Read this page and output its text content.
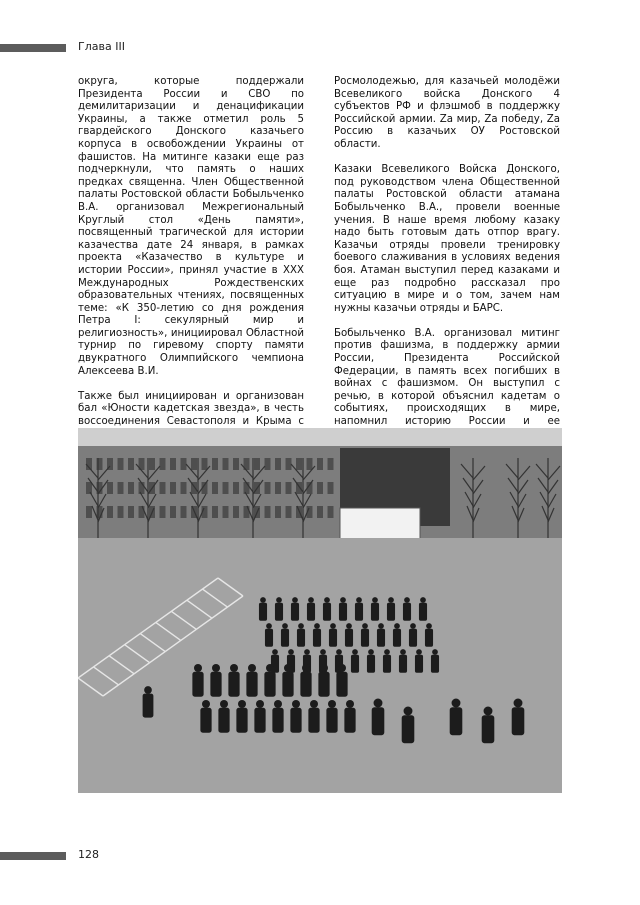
Глава III

округа, которые поддержали Президента России и СВО по демилитаризации и денацификации Украины, а также отметил роль 5 гвардейского Донского казачьего корпуса в освобождении Украины от фашистов. На митинге казаки еще раз подчеркнули, что память о наших предках священна. Член Общественной палаты Ростовской области Бобыльченко В.А. организовал Межрегиональный Круглый стол «День памяти», посвященный трагической для истории казачества дате 24 января, в рамках проекта «Казачество в культуре и истории России», принял участие в XXX Международных Рождественских образовательных чтениях, посвященных теме: «К 350-летию со дня рождения Петра I: секулярный мир и религиозность», инициировал Областной турнир по гиревому спорту памяти двукратного Олимпийского чемпиона Алексеева В.И.

Также был инициирован и организован бал «Юности кадетская звезда», в честь воссоединения Севастополя и Крыма с

Росмолодежью, для казачьей молодёжи Всевеликого войска Донского 4 субъектов РФ и флэшмоб в поддержку Российской армии. Zа мир, Zа победу, Zа Россию в казачьих ОУ Ростовской области.

Казаки Всевеликого Войска Донского, под руководством члена Общественной палаты Ростовской области атамана Бобыльченко В.А., провели военные учения. В наше время любому казаку надо быть готовым дать отпор врагу. Казачьи отряды провели тренировку боевого слаживания в условиях ведения боя. Атаман выступил перед казаками и еще раз подробно рассказал про ситуацию в мире и о том, зачем нам нужны казачьи отряды и БАРС.

Бобыльченко В.А. организовал митинг против фашизма, в поддержку армии России, Президента Российской Федерации, в память всех погибших в войнах с фашизмом. Он выступил с речью, в которой объяснил кадетам о событиях, происходящих в мире, напомнил историю России и ее

128
